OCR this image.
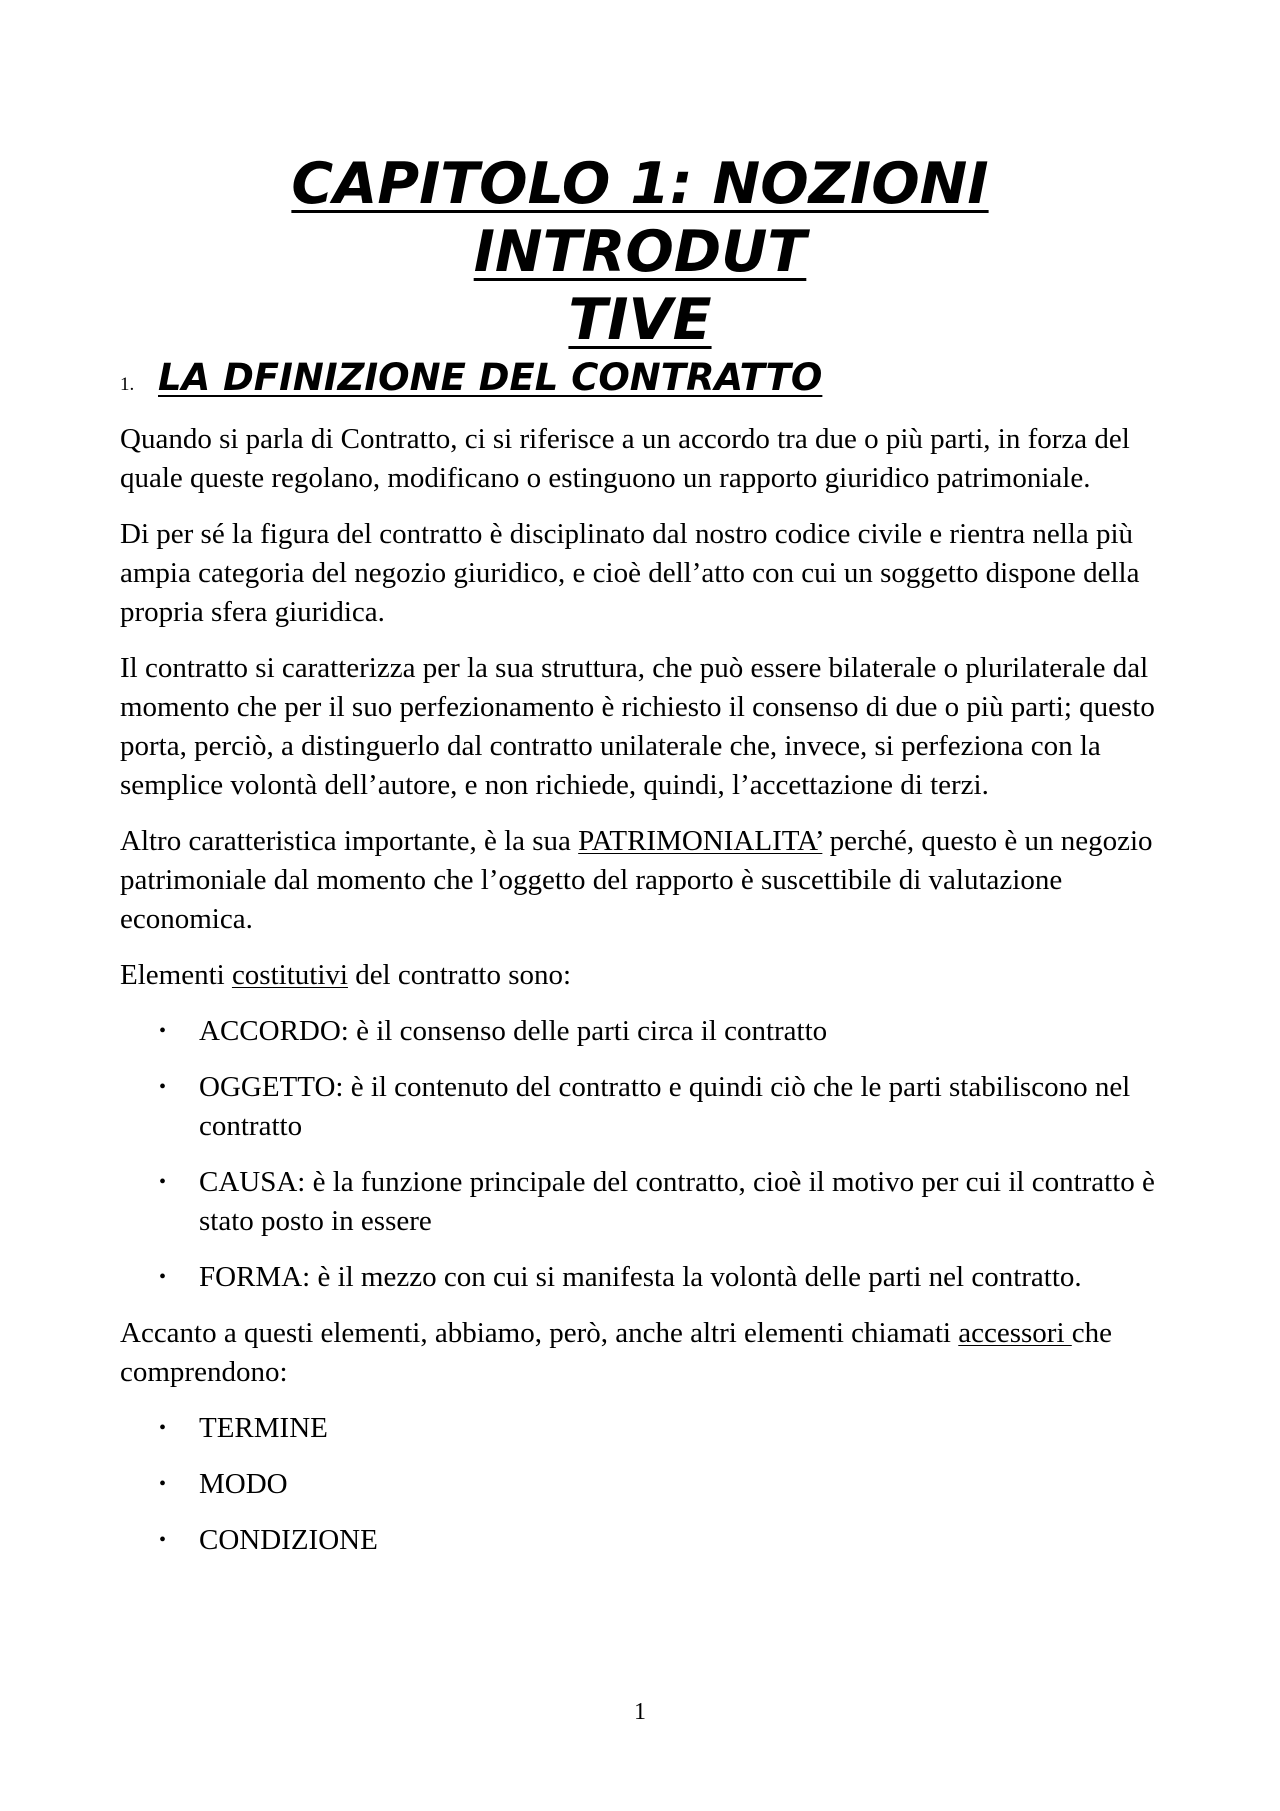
CAPITOLO 1: NOZIONI INTRODUT
TIVE
1. LA DFINIZIONE DEL CONTRATTO

Quando si parla di Contratto, ci si riferisce a un accordo tra due o più parti, in forza del quale queste regolano, modificano o estinguono un rapporto giuridico patrimoniale.

Di per sé la figura del contratto è disciplinato dal nostro codice civile e rientra nella più ampia categoria del negozio giuridico, e cioè dell’atto con cui un soggetto dispone della propria sfera giuridica.

Il contratto si caratterizza per la sua struttura, che può essere bilaterale o plurilaterale dal momento che per il suo perfezionamento è richiesto il consenso di due o più parti; questo porta, perciò, a distinguerlo dal contratto unilaterale che, invece, si perfeziona con la semplice volontà dell’autore, e non richiede, quindi, l’accettazione di terzi.

Altro caratteristica importante, è la sua PATRIMONIALITA’ perché, questo è un negozio patrimoniale dal momento che l’oggetto del rapporto è suscettibile di valutazione economica.

Elementi costitutivi del contratto sono:

• ACCORDO: è il consenso delle parti circa il contratto
• OGGETTO: è il contenuto del contratto e quindi ciò che le parti stabiliscono nel contratto
• CAUSA: è la funzione principale del contratto, cioè il motivo per cui il contratto è stato posto in essere
• FORMA: è il mezzo con cui si manifesta la volontà delle parti nel contratto.

Accanto a questi elementi, abbiamo, però, anche altri elementi chiamati accessori che comprendono:

• TERMINE
• MODO
• CONDIZIONE
1
